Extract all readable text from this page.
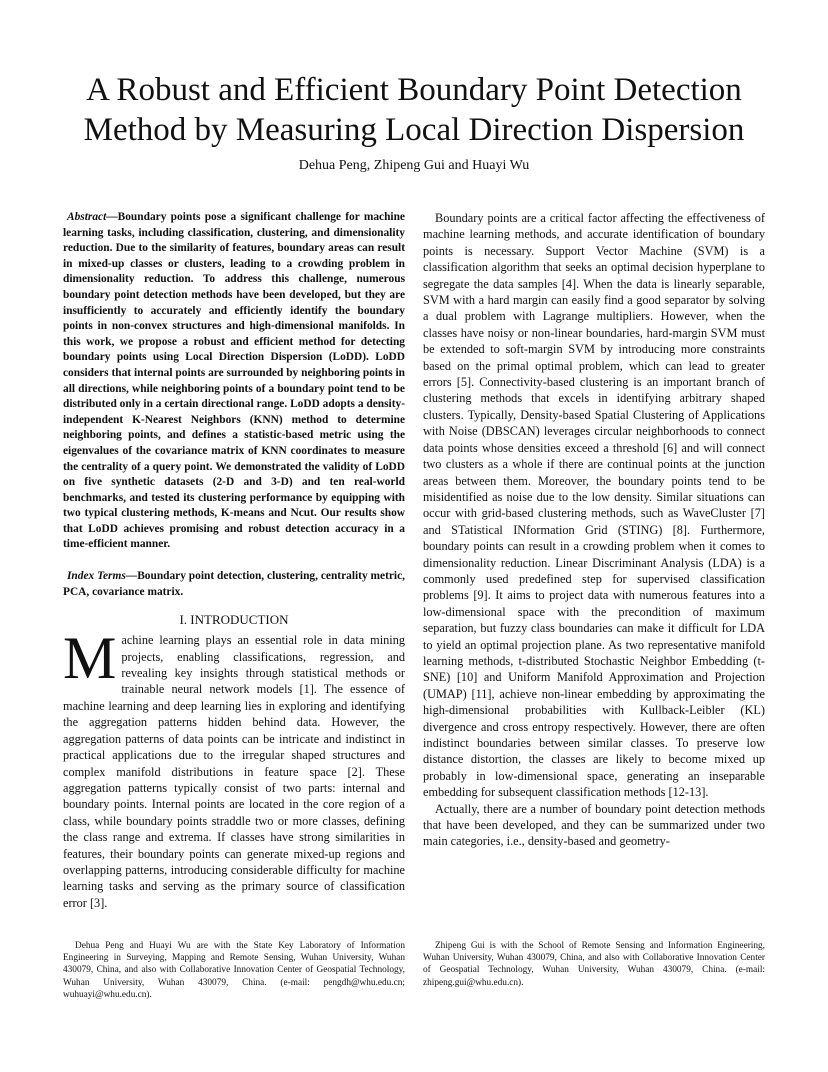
A Robust and Efficient Boundary Point Detection
Method by Measuring Local Direction Dispersion
Dehua Peng, Zhipeng Gui and Huayi Wu

Abstract—Boundary points pose a significant challenge for machine learning tasks, including classification, clustering, and dimensionality reduction. Due to the similarity of features, boundary areas can result in mixed-up classes or clusters, leading to a crowding problem in dimensionality reduction. To address this challenge, numerous boundary point detection methods have been developed, but they are insufficiently to accurately and efficiently identify the boundary points in non-convex structures and high-dimensional manifolds. In this work, we propose a robust and efficient method for detecting boundary points using Local Direction Dispersion (LoDD). LoDD considers that internal points are surrounded by neighboring points in all directions, while neighboring points of a boundary point tend to be distributed only in a certain directional range. LoDD adopts a density-independent K-Nearest Neighbors (KNN) method to determine neighboring points, and defines a statistic-based metric using the eigenvalues of the covariance matrix of KNN coordinates to measure the centrality of a query point. We demonstrated the validity of LoDD on five synthetic datasets (2-D and 3-D) and ten real-world benchmarks, and tested its clustering performance by equipping with two typical clustering methods, K-means and Ncut. Our results show that LoDD achieves promising and robust detection accuracy in a time-efficient manner.

Index Terms—Boundary point detection, clustering, centrality metric, PCA, covariance matrix.

I. INTRODUCTION

Machine learning plays an essential role in data mining projects, enabling classifications, regression, and revealing key insights through statistical methods or trainable neural network models [1]. The essence of machine learning and deep learning lies in exploring and identifying the aggregation patterns hidden behind data. However, the aggregation patterns of data points can be intricate and indistinct in practical applications due to the irregular shaped structures and complex manifold distributions in feature space [2]. These aggregation patterns typically consist of two parts: internal and boundary points. Internal points are located in the core region of a class, while boundary points straddle two or more classes, defining the class range and extrema. If classes have strong similarities in features, their boundary points can generate mixed-up regions and overlapping patterns, introducing considerable difficulty for machine learning tasks and serving as the primary source of classification error [3].

Boundary points are a critical factor affecting the effectiveness of machine learning methods, and accurate identification of boundary points is necessary. Support Vector Machine (SVM) is a classification algorithm that seeks an optimal decision hyperplane to segregate the data samples [4]. When the data is linearly separable, SVM with a hard margin can easily find a good separator by solving a dual problem with Lagrange multipliers. However, when the classes have noisy or non-linear boundaries, hard-margin SVM must be extended to soft-margin SVM by introducing more constraints based on the primal optimal problem, which can lead to greater errors [5]. Connectivity-based clustering is an important branch of clustering methods that excels in identifying arbitrary shaped clusters. Typically, Density-based Spatial Clustering of Applications with Noise (DBSCAN) leverages circular neighborhoods to connect data points whose densities exceed a threshold [6] and will connect two clusters as a whole if there are continual points at the junction areas between them. Moreover, the boundary points tend to be misidentified as noise due to the low density. Similar situations can occur with grid-based clustering methods, such as WaveCluster [7] and STatistical INformation Grid (STING) [8]. Furthermore, boundary points can result in a crowding problem when it comes to dimensionality reduction. Linear Discriminant Analysis (LDA) is a commonly used predefined step for supervised classification problems [9]. It aims to project data with numerous features into a low-dimensional space with the precondition of maximum separation, but fuzzy class boundaries can make it difficult for LDA to yield an optimal projection plane. As two representative manifold learning methods, t-distributed Stochastic Neighbor Embedding (t-SNE) [10] and Uniform Manifold Approximation and Projection (UMAP) [11], achieve non-linear embedding by approximating the high-dimensional probabilities with Kullback-Leibler (KL) divergence and cross entropy respectively. However, there are often indistinct boundaries between similar classes. To preserve low distance distortion, the classes are likely to become mixed up probably in low-dimensional space, generating an inseparable embedding for subsequent classification methods [12-13].

Actually, there are a number of boundary point detection methods that have been developed, and they can be summarized under two main categories, i.e., density-based and geometry-

Dehua Peng and Huayi Wu are with the State Key Laboratory of Information Engineering in Surveying, Mapping and Remote Sensing, Wuhan University, Wuhan 430079, China, and also with Collaborative Innovation Center of Geospatial Technology, Wuhan University, Wuhan 430079, China. (e-mail: pengdh@whu.edu.cn; wuhuayi@whu.edu.cn).

Zhipeng Gui is with the School of Remote Sensing and Information Engineering, Wuhan University, Wuhan 430079, China, and also with Collaborative Innovation Center of Geospatial Technology, Wuhan University, Wuhan 430079, China. (e-mail: zhipeng.gui@whu.edu.cn).
